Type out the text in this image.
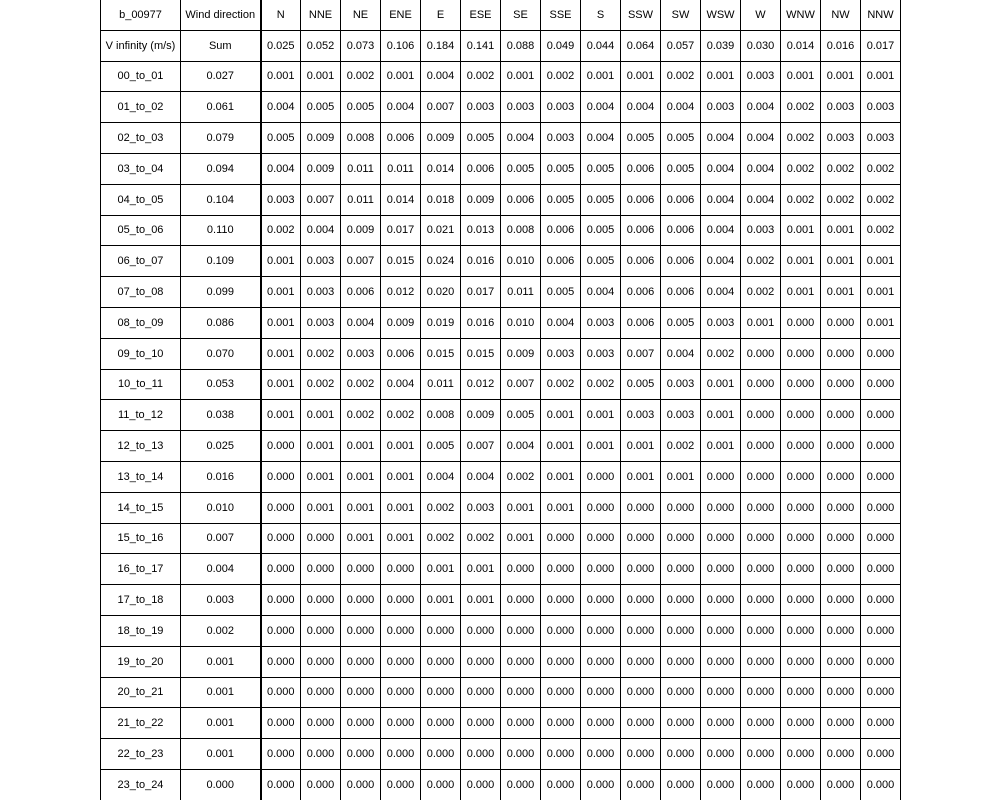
b_00977	Wind direction	N	NNE	NE	ENE	E	ESE	SE	SSE	S	SSW	SW	WSW	W	WNW	NW	NNW
V infinity (m/s)	Sum	0.025	0.052	0.073	0.106	0.184	0.141	0.088	0.049	0.044	0.064	0.057	0.039	0.030	0.014	0.016	0.017
00_to_01	0.027	0.001	0.001	0.002	0.001	0.004	0.002	0.001	0.002	0.001	0.001	0.002	0.001	0.003	0.001	0.001	0.001
01_to_02	0.061	0.004	0.005	0.005	0.004	0.007	0.003	0.003	0.003	0.004	0.004	0.004	0.003	0.004	0.002	0.003	0.003
02_to_03	0.079	0.005	0.009	0.008	0.006	0.009	0.005	0.004	0.003	0.004	0.005	0.005	0.004	0.004	0.002	0.003	0.003
03_to_04	0.094	0.004	0.009	0.011	0.011	0.014	0.006	0.005	0.005	0.005	0.006	0.005	0.004	0.004	0.002	0.002	0.002
04_to_05	0.104	0.003	0.007	0.011	0.014	0.018	0.009	0.006	0.005	0.005	0.006	0.006	0.004	0.004	0.002	0.002	0.002
05_to_06	0.110	0.002	0.004	0.009	0.017	0.021	0.013	0.008	0.006	0.005	0.006	0.006	0.004	0.003	0.001	0.001	0.002
06_to_07	0.109	0.001	0.003	0.007	0.015	0.024	0.016	0.010	0.006	0.005	0.006	0.006	0.004	0.002	0.001	0.001	0.001
07_to_08	0.099	0.001	0.003	0.006	0.012	0.020	0.017	0.011	0.005	0.004	0.006	0.006	0.004	0.002	0.001	0.001	0.001
08_to_09	0.086	0.001	0.003	0.004	0.009	0.019	0.016	0.010	0.004	0.003	0.006	0.005	0.003	0.001	0.000	0.000	0.001
09_to_10	0.070	0.001	0.002	0.003	0.006	0.015	0.015	0.009	0.003	0.003	0.007	0.004	0.002	0.000	0.000	0.000	0.000
10_to_11	0.053	0.001	0.002	0.002	0.004	0.011	0.012	0.007	0.002	0.002	0.005	0.003	0.001	0.000	0.000	0.000	0.000
11_to_12	0.038	0.001	0.001	0.002	0.002	0.008	0.009	0.005	0.001	0.001	0.003	0.003	0.001	0.000	0.000	0.000	0.000
12_to_13	0.025	0.000	0.001	0.001	0.001	0.005	0.007	0.004	0.001	0.001	0.001	0.002	0.001	0.000	0.000	0.000	0.000
13_to_14	0.016	0.000	0.001	0.001	0.001	0.004	0.004	0.002	0.001	0.000	0.001	0.001	0.000	0.000	0.000	0.000	0.000
14_to_15	0.010	0.000	0.001	0.001	0.001	0.002	0.003	0.001	0.001	0.000	0.000	0.000	0.000	0.000	0.000	0.000	0.000
15_to_16	0.007	0.000	0.000	0.001	0.001	0.002	0.002	0.001	0.000	0.000	0.000	0.000	0.000	0.000	0.000	0.000	0.000
16_to_17	0.004	0.000	0.000	0.000	0.000	0.001	0.001	0.000	0.000	0.000	0.000	0.000	0.000	0.000	0.000	0.000	0.000
17_to_18	0.003	0.000	0.000	0.000	0.000	0.001	0.001	0.000	0.000	0.000	0.000	0.000	0.000	0.000	0.000	0.000	0.000
18_to_19	0.002	0.000	0.000	0.000	0.000	0.000	0.000	0.000	0.000	0.000	0.000	0.000	0.000	0.000	0.000	0.000	0.000
19_to_20	0.001	0.000	0.000	0.000	0.000	0.000	0.000	0.000	0.000	0.000	0.000	0.000	0.000	0.000	0.000	0.000	0.000
20_to_21	0.001	0.000	0.000	0.000	0.000	0.000	0.000	0.000	0.000	0.000	0.000	0.000	0.000	0.000	0.000	0.000	0.000
21_to_22	0.001	0.000	0.000	0.000	0.000	0.000	0.000	0.000	0.000	0.000	0.000	0.000	0.000	0.000	0.000	0.000	0.000
22_to_23	0.001	0.000	0.000	0.000	0.000	0.000	0.000	0.000	0.000	0.000	0.000	0.000	0.000	0.000	0.000	0.000	0.000
23_to_24	0.000	0.000	0.000	0.000	0.000	0.000	0.000	0.000	0.000	0.000	0.000	0.000	0.000	0.000	0.000	0.000	0.000
